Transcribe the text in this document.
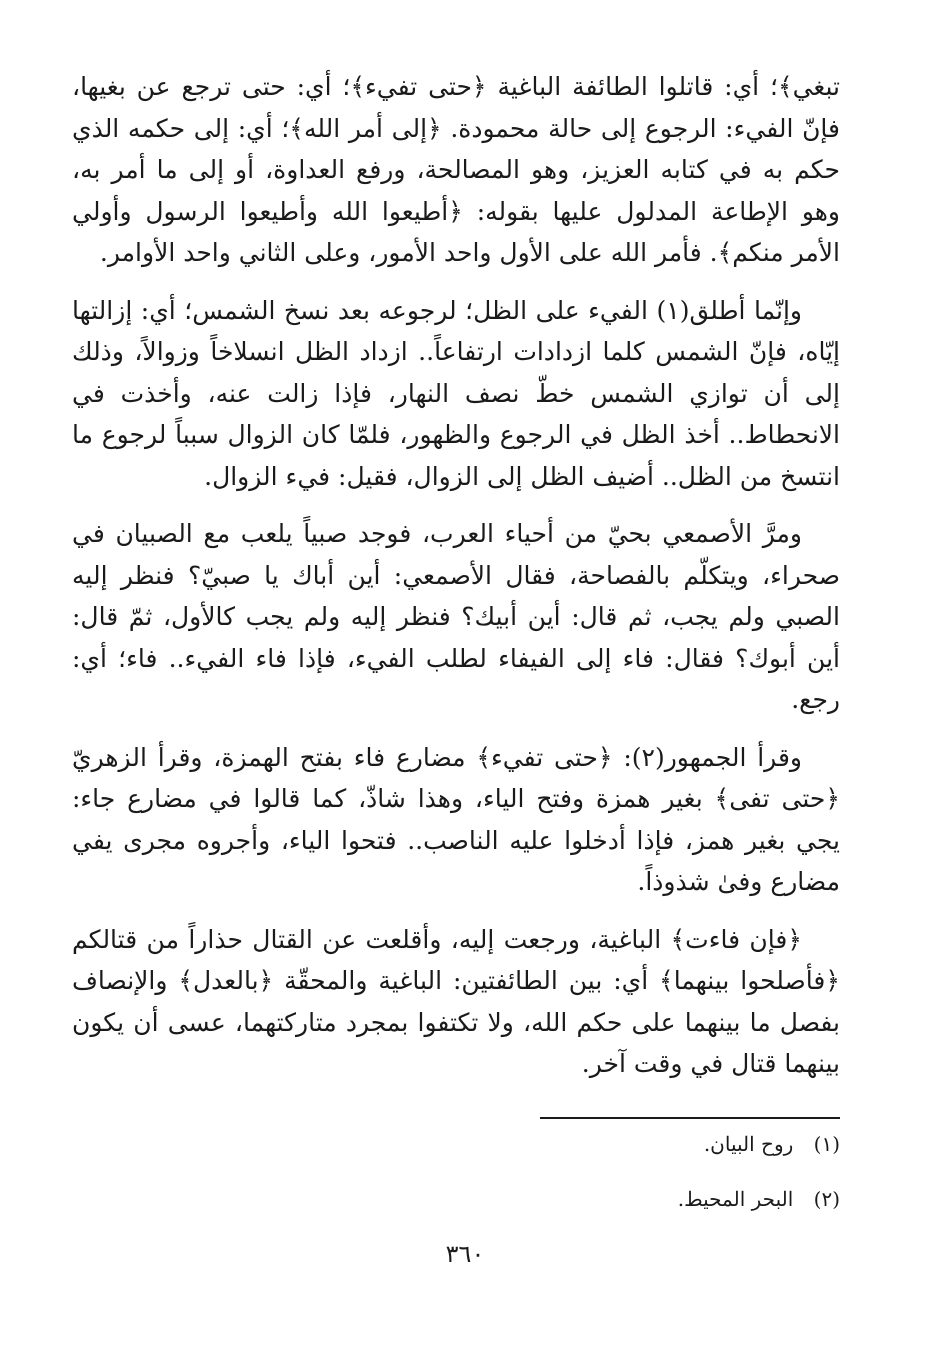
تبغي﴾؛ أي: قاتلوا الطائفة الباغية ﴿حتى تفيء﴾؛ أي: حتى ترجع عن بغيها، فإنّ الفيء: الرجوع إلى حالة محمودة. ﴿إلى أمر الله﴾؛ أي: إلى حكمه الذي حكم به في كتابه العزيز، وهو المصالحة، ورفع العداوة، أو إلى ما أمر به، وهو الإطاعة المدلول عليها بقوله: ﴿أطيعوا الله وأطيعوا الرسول وأولي الأمر منكم﴾. فأمر الله على الأول واحد الأمور، وعلى الثاني واحد الأوامر.

وإنّما أطلق(١) الفيء على الظل؛ لرجوعه بعد نسخ الشمس؛ أي: إزالتها إيّاه، فإنّ الشمس كلما ازدادات ارتفاعاً.. ازداد الظل انسلاخاً وزوالاً، وذلك إلى أن توازي الشمس خطّ نصف النهار، فإذا زالت عنه، وأخذت في الانحطاط.. أخذ الظل في الرجوع والظهور، فلمّا كان الزوال سبباً لرجوع ما انتسخ من الظل.. أضيف الظل إلى الزوال، فقيل: فيء الزوال.

ومرَّ الأصمعي بحيّ من أحياء العرب، فوجد صبياً يلعب مع الصبيان في صحراء، ويتكلّم بالفصاحة، فقال الأصمعي: أين أباك يا صبيّ؟ فنظر إليه الصبي ولم يجب، ثم قال: أين أبيك؟ فنظر إليه ولم يجب كالأول، ثمّ قال: أين أبوك؟ فقال: فاء إلى الفيفاء لطلب الفيء، فإذا فاء الفيء.. فاء؛ أي: رجع.

وقرأ الجمهور(٢): ﴿حتى تفيء﴾ مضارع فاء بفتح الهمزة، وقرأ الزهريّ ﴿حتى تفى﴾ بغير همزة وفتح الياء، وهذا شاذّ، كما قالوا في مضارع جاء: يجي بغير همز، فإذا أدخلوا عليه الناصب.. فتحوا الياء، وأجروه مجرى يفي مضارع وفىٰ شذوذاً.

﴿فإن فاءت﴾ الباغية، ورجعت إليه، وأقلعت عن القتال حذاراً من قتالكم ﴿فأصلحوا بينهما﴾ أي: بين الطائفتين: الباغية والمحقّة ﴿بالعدل﴾ والإنصاف بفصل ما بينهما على حكم الله، ولا تكتفوا بمجرد متاركتهما، عسى أن يكون بينهما قتال في وقت آخر.

(١) روح البيان.
(٢) البحر المحيط.
٣٦٠
